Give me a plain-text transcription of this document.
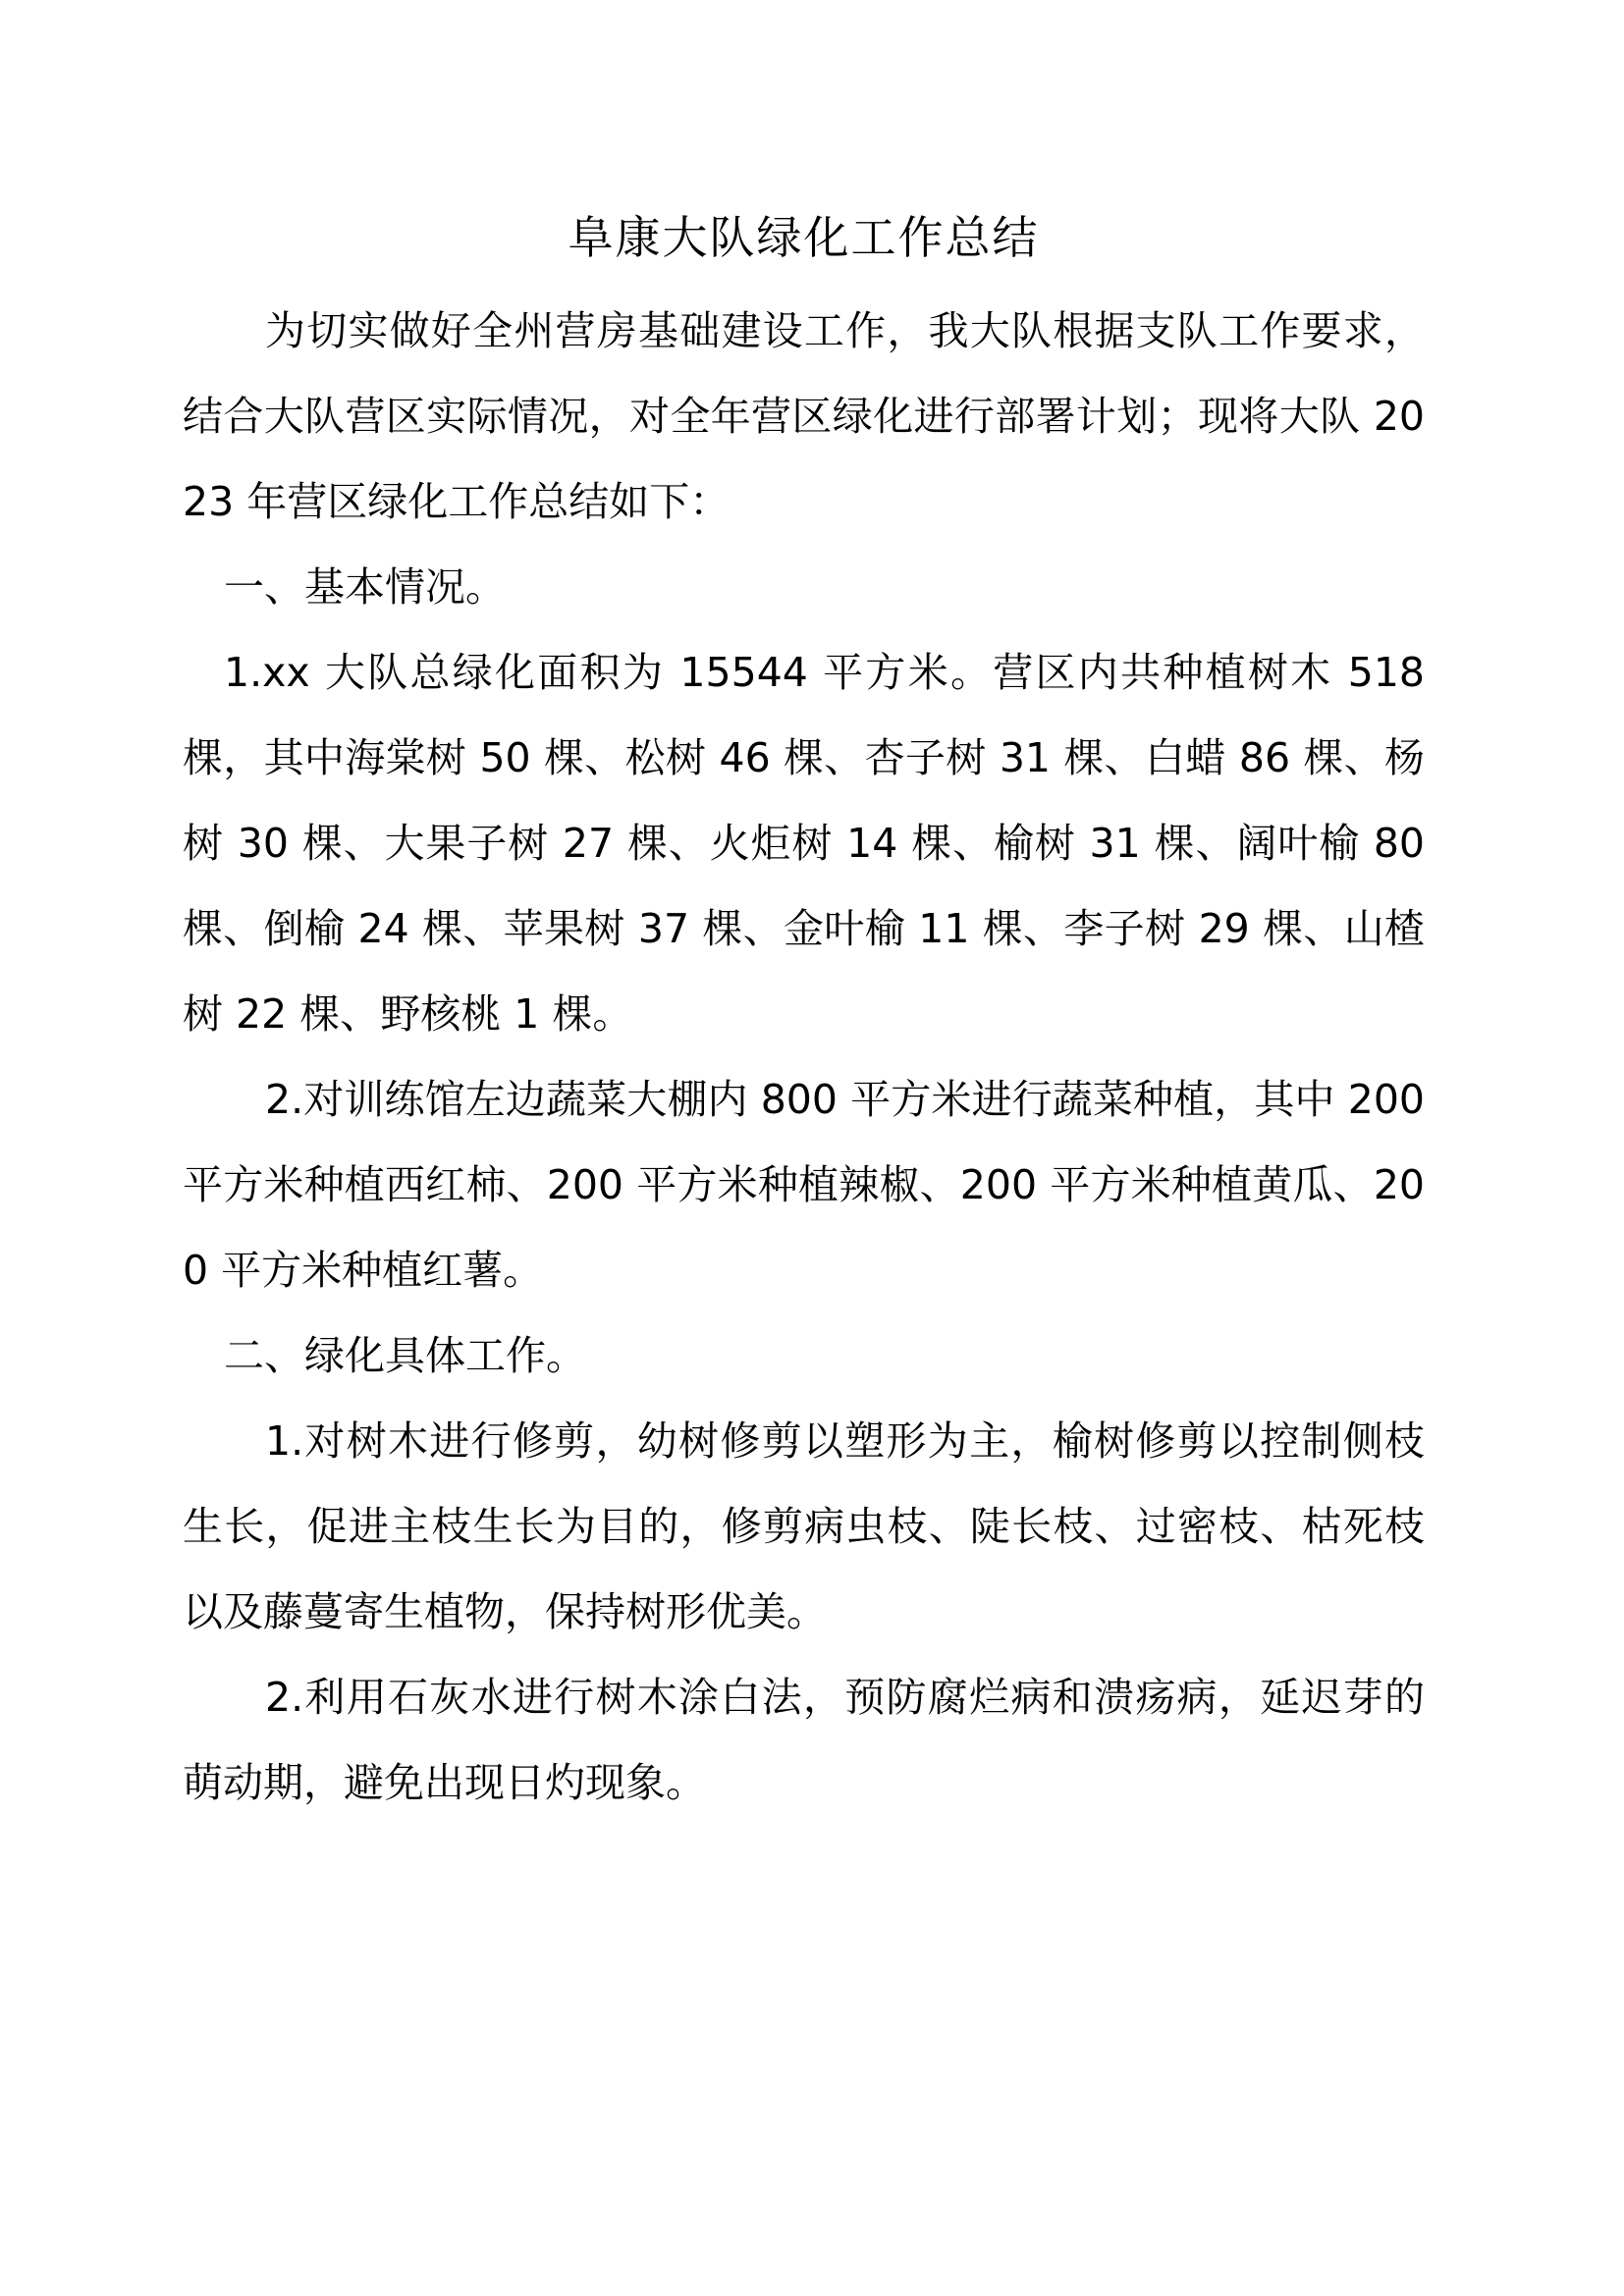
阜康大队绿化工作总结

为切实做好全州营房基础建设工作，我大队根据支队工作要求，结合大队营区实际情况，对全年营区绿化进行部署计划；现将大队 2023 年营区绿化工作总结如下：

一、基本情况。

1.xx 大队总绿化面积为 15544 平方米。营区内共种植树木 518 棵，其中海棠树 50 棵、松树 46 棵、杏子树 31 棵、白蜡 86 棵、杨树 30 棵、大果子树 27 棵、火炬树 14 棵、榆树 31 棵、阔叶榆 80 棵、倒榆 24 棵、苹果树 37 棵、金叶榆 11 棵、李子树 29 棵、山楂树 22 棵、野核桃 1 棵。

2.对训练馆左边蔬菜大棚内 800 平方米进行蔬菜种植，其中 200 平方米种植西红柿、200 平方米种植辣椒、200 平方米种植黄瓜、200 平方米种植红薯。

二、绿化具体工作。

1.对树木进行修剪，幼树修剪以塑形为主，榆树修剪以控制侧枝生长，促进主枝生长为目的，修剪病虫枝、陡长枝、过密枝、枯死枝以及藤蔓寄生植物，保持树形优美。

2.利用石灰水进行树木涂白法，预防腐烂病和溃疡病，延迟芽的萌动期，避免出现日灼现象。
